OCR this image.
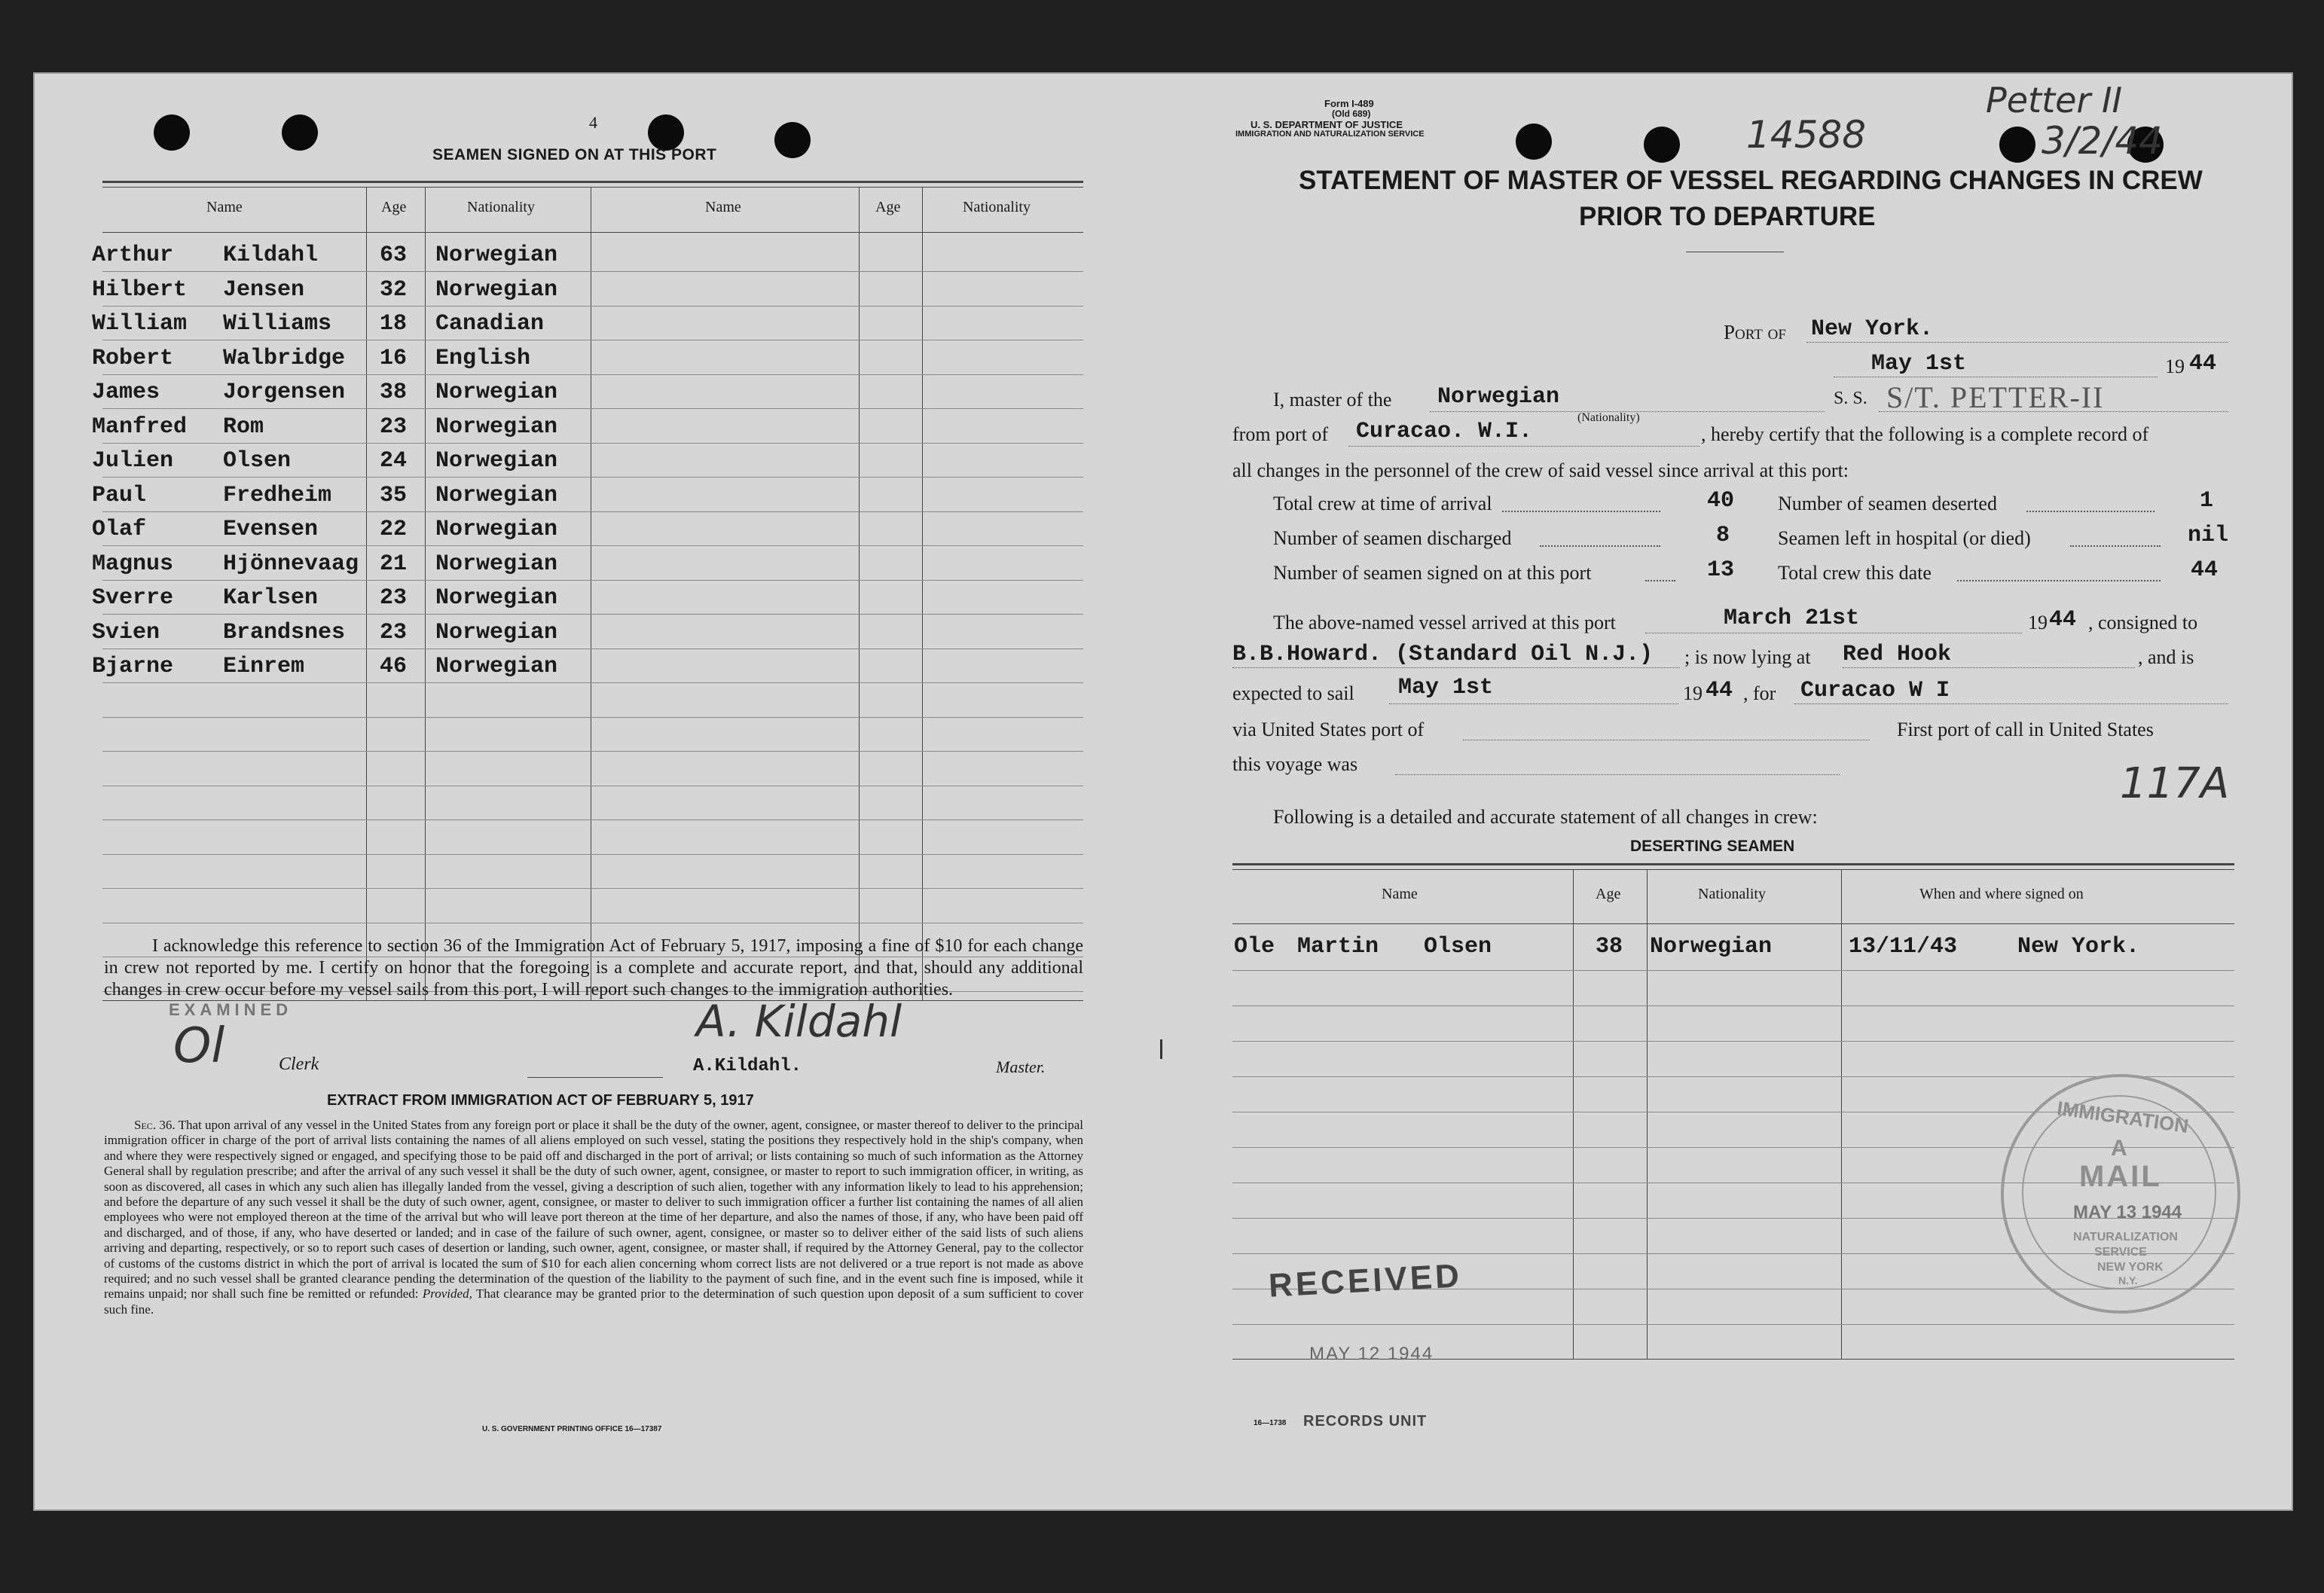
4
SEAMEN SIGNED ON AT THIS PORT
Name	Age	Nationality	Name	Age	Nationality
Arthur Kildahl	63 Norwegian
Hilbert Jensen	32 Norwegian
William Williams 18 Canadian
Robert Walbridge 16 English
James	Jorgensen 38 Norwegian
Manfred Rom	23 Norwegian
Julien Olsen	24 Norwegian
Paul	Fredheim 35 Norwegian
Olaf	Evensen	22 Norwegian
Magnus Hjönnevaag 21 Norwegian
Sverre Karlsen	23 Norwegian
Svien	Brandsnes 23 Norwegian
Bjarne Einrem	46 Norwegian
I acknowledge this reference to section 36 of the Immigration Act of February 5, 1917, imposing a fine of $10 for each change in crew not reported by me. I certify on honor that the foregoing is a complete and accurate report, and that, should any additional changes in crew occur before my vessel sails from this port, I will report such changes to the immigration authorities.
EXAMINED
Ol	Clerk
A. Kildahl
A.Kildahl.	Master.
EXTRACT FROM IMMIGRATION ACT OF FEBRUARY 5, 1917
Sec. 36. That upon arrival of any vessel in the United States from any foreign port or place it shall be the duty of the owner, agent, consignee, or master thereof to deliver to the principal immigration officer in charge of the port of arrival lists containing the names of all aliens employed on such vessel, stating the positions they respectively hold in the ship's company, when and where they were respectively signed or engaged, and specifying those to be paid off and discharged in the port of arrival; or lists containing so much of such information as the Attorney General shall by regulation prescribe; and after the arrival of any such vessel it shall be the duty of such owner, agent, consignee, or master to report to such immigration officer, in writing, as soon as discovered, all cases in which any such alien has illegally landed from the vessel, giving a description of such alien, together with any information likely to lead to his apprehension; and before the departure of any such vessel it shall be the duty of such owner, agent, consignee, or master to deliver to such immigration officer a further list containing the names of all alien employees who were not employed thereon at the time of the arrival but who will leave port thereon at the time of her departure, and also the names of those, if any, who have been paid off and discharged, and of those, if any, who have deserted or landed; and in case of the failure of such owner, agent, consignee, or master so to deliver either of the said lists of such aliens arriving and departing, respectively, or so to report such cases of desertion or landing, such owner, agent, consignee, or master shall, if required by the Attorney General, pay to the collector of customs of the customs district in which the port of arrival is located the sum of $10 for each alien concerning whom correct lists are not delivered or a true report is not made as above required; and no such vessel shall be granted clearance pending the determination of the question of the liability to the payment of such fine, and in the event such fine is imposed, while it remains unpaid; nor shall such fine be remitted or refunded: Provided, That clearance may be granted prior to the determination of such question upon deposit of a sum sufficient to cover such fine.
U. S. GOVERNMENT PRINTING OFFICE 16—17387
Form I-489
(Old 689)
U. S. DEPARTMENT OF JUSTICE
IMMIGRATION AND NATURALIZATION SERVICE	14588
Petter II
3/2/44
STATEMENT OF MASTER OF VESSEL REGARDING CHANGES IN CREW
PRIOR TO DEPARTURE
Port of New York.
May 1st	19 44
I, master of the Norwegian
(Nationality)
S. S. S/T. PETTER-II
from port of Curacao. W.I.	, hereby certify that the following is a complete record of
all changes in the personnel of the crew of said vessel since arrival at this port:
Total crew at time of arrival	40
Number of seamen discharged	8
Number of seamen signed on at this port	13
Number of seamen deserted	1
Seamen left in hospital (or died)	nil
Total crew this date	44
The above-named vessel arrived at this port	March 21st	19 44 , consigned to
B.B.Howard. (Standard Oil N.J.) ; is now lying at Red Hook	, and is
expected to sail May 1st	19 44 , for Curacao W I
via United States port of	First port of call in United States
this voyage was	117A
Following is a detailed and accurate statement of all changes in crew:
DESERTING SEAMEN
Name	Age	Nationality	When and where signed on
Ole Martin Olsen	38 Norwegian	13/11/43	New York.
RECEIVED
MAY 12 1944
IMMIGRATION
A
MAIL
MAY 13 1944
NATURALIZATION
SERVICE
NEW YORK
N.Y.
16—1738 RECORDS UNIT
